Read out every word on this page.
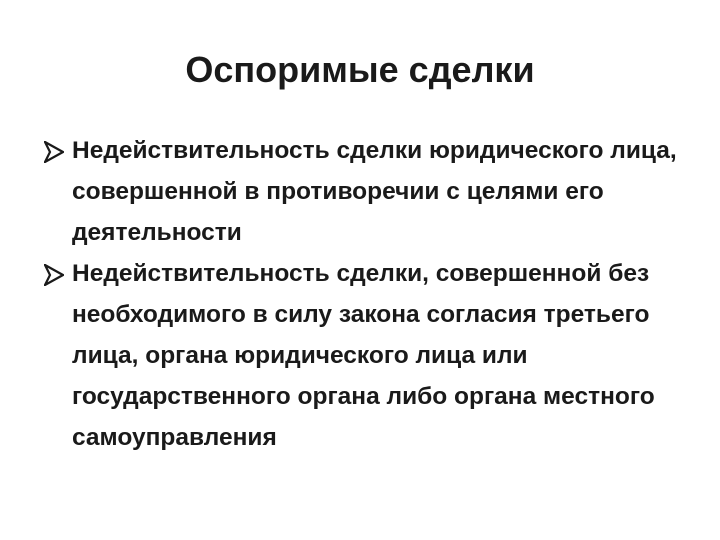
Оспоримые сделки
Недействительность сделки юридического лица, совершенной в противоречии с целями его деятельности
Недействительность сделки, совершенной без необходимого в силу закона согласия третьего лица, органа юридического лица или государственного органа либо органа местного самоуправления
